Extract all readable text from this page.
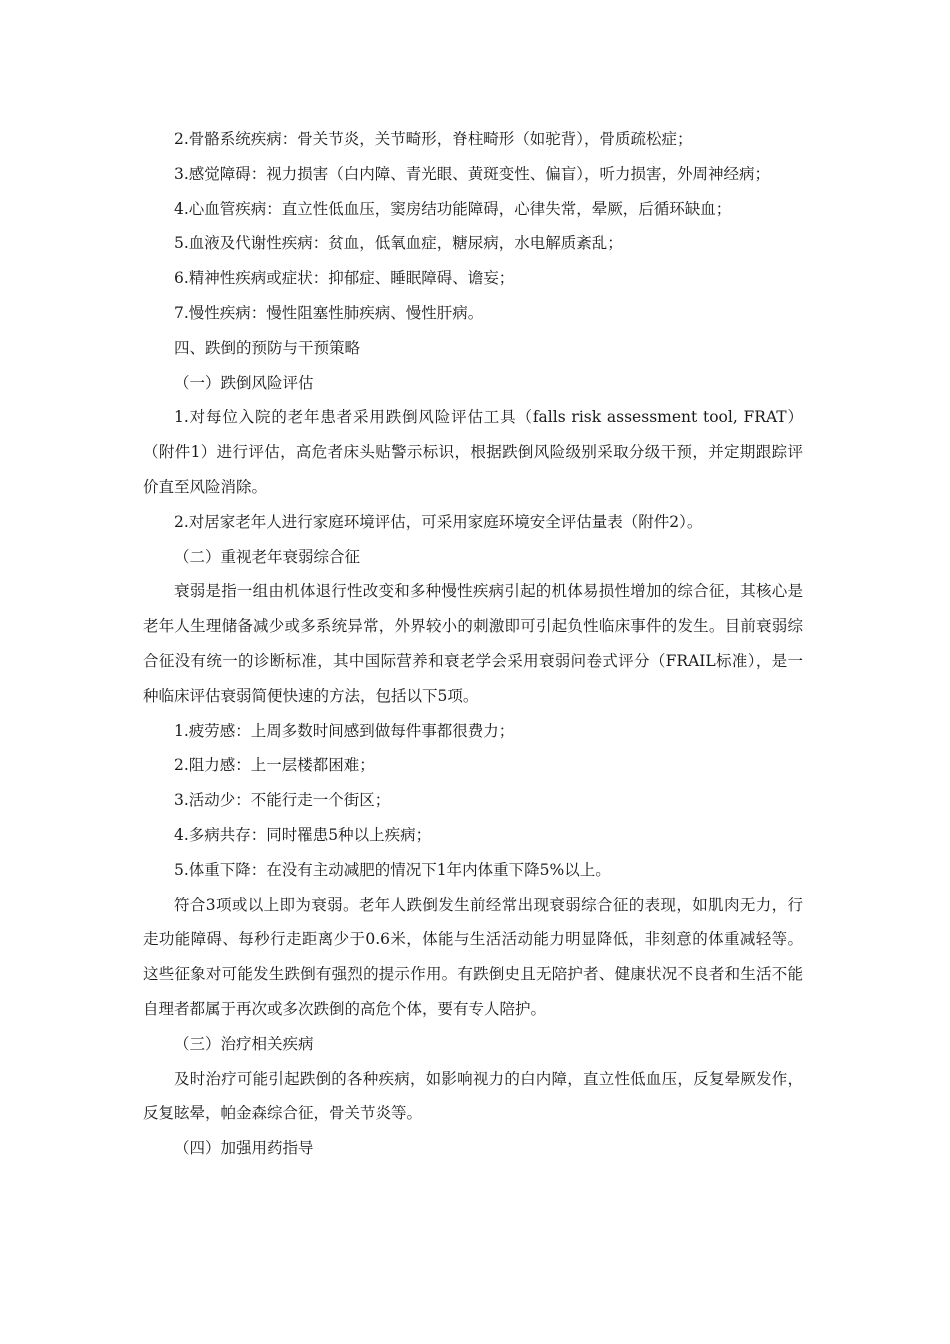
2.骨骼系统疾病：骨关节炎，关节畸形，脊柱畸形（如驼背），骨质疏松症；

3.感觉障碍：视力损害（白内障、青光眼、黄斑变性、偏盲），听力损害，外周神经病；

4.心血管疾病：直立性低血压，窦房结功能障碍，心律失常，晕厥，后循环缺血；

5.血液及代谢性疾病：贫血，低氧血症，糖尿病，水电解质紊乱；

6.精神性疾病或症状：抑郁症、睡眠障碍、谵妄；

7.慢性疾病：慢性阻塞性肺疾病、慢性肝病。

四、跌倒的预防与干预策略

（一）跌倒风险评估

1.对每位入院的老年患者采用跌倒风险评估工具（falls risk assessment tool, FRAT）（附件1）进行评估，高危者床头贴警示标识，根据跌倒风险级别采取分级干预，并定期跟踪评价直至风险消除。

2.对居家老年人进行家庭环境评估，可采用家庭环境安全评估量表（附件2）。

（二）重视老年衰弱综合征

衰弱是指一组由机体退行性改变和多种慢性疾病引起的机体易损性增加的综合征，其核心是老年人生理储备减少或多系统异常，外界较小的刺激即可引起负性临床事件的发生。目前衰弱综合征没有统一的诊断标准，其中国际营养和衰老学会采用衰弱问卷式评分（FRAIL标准），是一种临床评估衰弱简便快速的方法，包括以下5项。

1.疲劳感：上周多数时间感到做每件事都很费力；

2.阻力感：上一层楼都困难；

3.活动少：不能行走一个街区；

4.多病共存：同时罹患5种以上疾病；

5.体重下降：在没有主动减肥的情况下1年内体重下降5%以上。

符合3项或以上即为衰弱。老年人跌倒发生前经常出现衰弱综合征的表现，如肌肉无力，行走功能障碍、每秒行走距离少于0.6米，体能与生活活动能力明显降低，非刻意的体重减轻等。这些征象对可能发生跌倒有强烈的提示作用。有跌倒史且无陪护者、健康状况不良者和生活不能自理者都属于再次或多次跌倒的高危个体，要有专人陪护。

（三）治疗相关疾病

及时治疗可能引起跌倒的各种疾病，如影响视力的白内障，直立性低血压，反复晕厥发作，反复眩晕，帕金森综合征，骨关节炎等。

（四）加强用药指导
